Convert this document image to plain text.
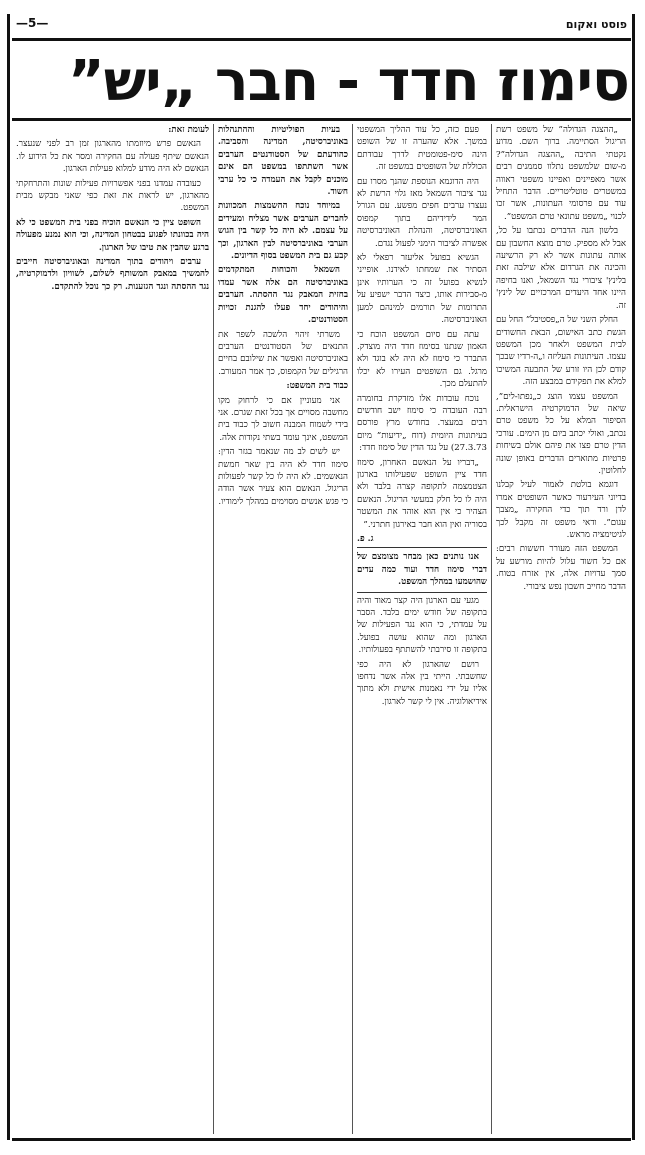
פוסט ואקום
—5—
סימוז חדד - חבר „יש”

„ההצגה הגדולה” של משפט רשת הריגול הסתיימה. ברוך השם. מדוע נקטתי התיבה „ההצגה הגדולה”? מ-שום שלמשפט נתלוו סממנים רבים אשר מאפיינים ואפיינו משפטי ראווה במשטרים טוטליטריים. הדבר התחיל עוד עם פרסומי העתונות, אשר זכו לכנוי „משפט עתונאי טרם המשפט”.

בלשון הנה הדברים נכתבו על כל, אבל לא מספיק. טרם מוצא החשבון עם אותה עתונות אשר לא רק הרשיעה והכינה את הגרדום אלא שילבה זאת בלינץ' ציבורי נגד השמאל, ואנו בחיפה היינו אחד היעדים המרכזיים של לינץ' זה.

החלק השני של ה„פסטיבל” החל עם הגשת כתב האישום, הבאת החשודים לבית המשפט ולאחר מכן המשפט עצמו. העיתונות העליזה ו„ה-רדיו שבכך קודם לכן היו זורע של התבעה המשיכו למלא את תפקידם במבצע הזה.

המשפט עצמו הוצג כ„נפתו-לים”, שיאה של הדמוקרטיה הישראלית. הסיפור המלא על כל משפט טרם נכתב, ואולי יכתב ביום מן הימים. עורכי הדין טרם פצו את פיהם אולם בשיחות פרטיות מתוארים הדברים באופן שונה לחלוטין.

דוגמא בולטת לאמור לעיל קבלנו בדיוני העירעור כאשר השופטים אמרו לדן ורד תוך כדי החקירה „מצבך עגום”. ודאי משפט זה מקבל לכך לגיטימציה מראש.

המשפט הזה מעורר חששות רבים: אם כל חשוד עלול להיות מורשע על סמך עדויות אלה, אין אזרח בטוח. הדבר מחייב חשבון נפש ציבורי.

פעם כזה, כל עוד ההליך המשפטי במשך. אלא שהערה זו של השופט הינה סימ-פטומטית לדרך עבודתם הכוללת של השופטים במשפט זה.

היה הדוגמא הנוספת שהנך מסרו עם נגד ציבור השמאל מאז גלוי הרשת לא נעצרו ערבים חפים מפשע. עם הגורל המר לידידיהם בתוך קמפוס האוניברסיטה, והנהלת האוניברסיטה אפשרה לציבור הימני לפעול נגדם.

הגשיא בפועל אליעזר רפאלי לא הסתיר את שמחתו לאידנו. אופייני לנשיא בפועל זה כי הערותיו אינן מ-סבירות אותו, כיצד הדבר ישפיע על התרומות של תורמים למינהם למען האוניברסיטה.

עתה עם סיום המשפט הוכח כי האמון שנתנו בסימוז חדד היה מוצדק. התברר כי סימוז לא היה לא בוגד ולא מרגל. גם השופטים העירו לא יכלו להתעלם מכך.

נוכח עובדות אלו מזדקרת בחומרה רבה העובדה כי סימוז ישב חודשים רבים במעצר. בחודש מרץ פורסם בעיתונות היומית (דוח „ידיעות” מיום 27.3.73) על נגד הדין של סימוז חדד:

„דבריו על הנאשם האחרון, סימוז חדד ציין השופט שפעילותו בארגון הצטמצמה לתקופה קצרה בלבד ולא היה לו כל חלק במעשי הריגול. הנאשם הצהיר כי אין הוא אוהד את המשטר בסוריה ואין הוא חבר באירגון חתרני.”

ג. פ.

אנו נותנים כאן מבחר מצומצם של דברי סימוז חדד ועוד כמה עדים שהושמעו במהלך המשפט.

מגעי עם הארגון היה קצר מאוד והיה בתקופה של חודש ימים בלבד. הסבר על עמדתי, כי הוא נגד הפעילות של הארגון ומה שהוא עושה בפועל. בתקופה זו סירבתי להשתתף בפעולותיו.

רושם שהארגון לא היה כפי שחשבתי. הייתי בין אלה אשר נדחפו אליו על ידי נאמנות אישית ולא מתוך אידיאולוגיה. אין לי קשר לארגון.

בעיות הפוליטיות וההתנהלות באוניברסיטה, המדינה והסביבה. כהודעתם של הסטודנטים הערבים אשר השתתפו במשפט הם אינם מוכנים לקבל את העמדה כי כל ערבי חשוד.

במיוחד נוכח ההשמצות המכוונות לחברים הערבים אשר מצליח ומעידים על עצמם. לא היה כל קשר בין הגוש הערבי באוניברסיטה לבין הארגון, וכך קבע גם בית המשפט בסוף הדיונים.

השמאל והכוחות המתקדמים באוניברסיטה הם אלה אשר עמדו בחזית המאבק נגד ההסתה. הערבים והיהודים יחד פעלו להגנת זכויות הסטודנטים.

משרתי זיהוי הלשכה לשפר את התנאים של הסטודנטים הערבים באוניברסיטה ואפשר את שילובם בחיים הרגילים של הקמפוס, כך אמר המעורב.

כבוד בית המשפט:

אני מעוניין אם כי לרחוק מקו מחשבה מסויים אך בכל זאת שגרם. אני בידי לשמוח המבנה חשוב לך כבוד בית המשפט, אינך עומד בשתי נקודות אלה.

יש לשים לב מה שנאמר בגזר הדין: סימוז חדד לא היה בין שאר חמשת הנאשמים. לא היה לו כל קשר לפעולות הריגול. הנאשם הוא צעיר אשר הודה כי פגש אנשים מסוימים במהלך לימודיו.

לעומת זאת:

הנאשם פרש מיוזמתו מהארגון זמן רב לפני שנעצר. הנאשם שיתף פעולה עם החקירה ומסר את כל הידוע לו. הנאשם לא היה מודע למלוא פעילות הארגון.

כעובדה עמדנו בפני אפשרויות פעילות שונות והתרחקתי מהארגון, יש לראות את זאת כפי שאני מבקש מבית המשפט.

השופט ציין כי הנאשם הוכיח בפני בית המשפט כי לא היה בכוונתו לפגוע בבטחון המדינה, וכי הוא נמנע מפעולה ברגע שהבין את טיבו של הארגון.

ערבים ויהודים בתוך המדינה ובאוניברסיטה חייבים להמשיך במאבק המשותף לשלום, לשוויון ולדמוקרטיה, נגד ההסתה ונגד הגזענות. רק כך נוכל להתקדם.
